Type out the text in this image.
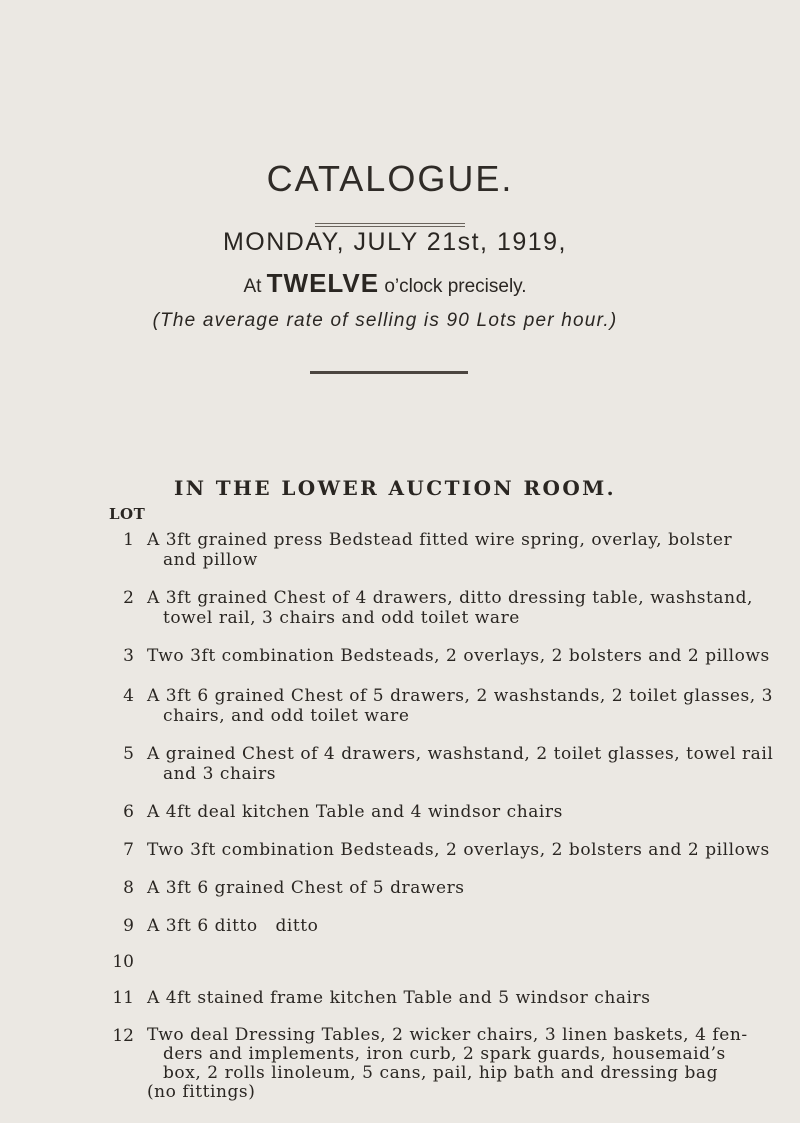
CATALOGUE.
MONDAY, JULY 21st, 1919,
At TWELVE o’clock precisely.
(The average rate of selling is 90 Lots per hour.)
IN THE LOWER AUCTION ROOM.
LOT
1 A 3ft grained press Bedstead fitted wire spring, overlay, bolster
and pillow
2 A 3ft grained Chest of 4 drawers, ditto dressing table, washstand,
towel rail, 3 chairs and odd toilet ware
3 Two 3ft combination Bedsteads, 2 overlays, 2 bolsters and 2 pillows
4 A 3ft 6 grained Chest of 5 drawers, 2 washstands, 2 toilet glasses, 3
chairs, and odd toilet ware
5 A grained Chest of 4 drawers, washstand, 2 toilet glasses, towel rail
and 3 chairs
6 A 4ft deal kitchen Table and 4 windsor chairs
7 Two 3ft combination Bedsteads, 2 overlays, 2 bolsters and 2 pillows
8 A 3ft 6 grained Chest of 5 drawers
9 A 3ft 6 ditto   ditto
10
11 A 4ft stained frame kitchen Table and 5 windsor chairs
12 Two deal Dressing Tables, 2 wicker chairs, 3 linen baskets, 4 fen-
ders and implements, iron curb, 2 spark guards, housemaid’s
box, 2 rolls linoleum, 5 cans, pail, hip bath and dressing bag
(no fittings)
